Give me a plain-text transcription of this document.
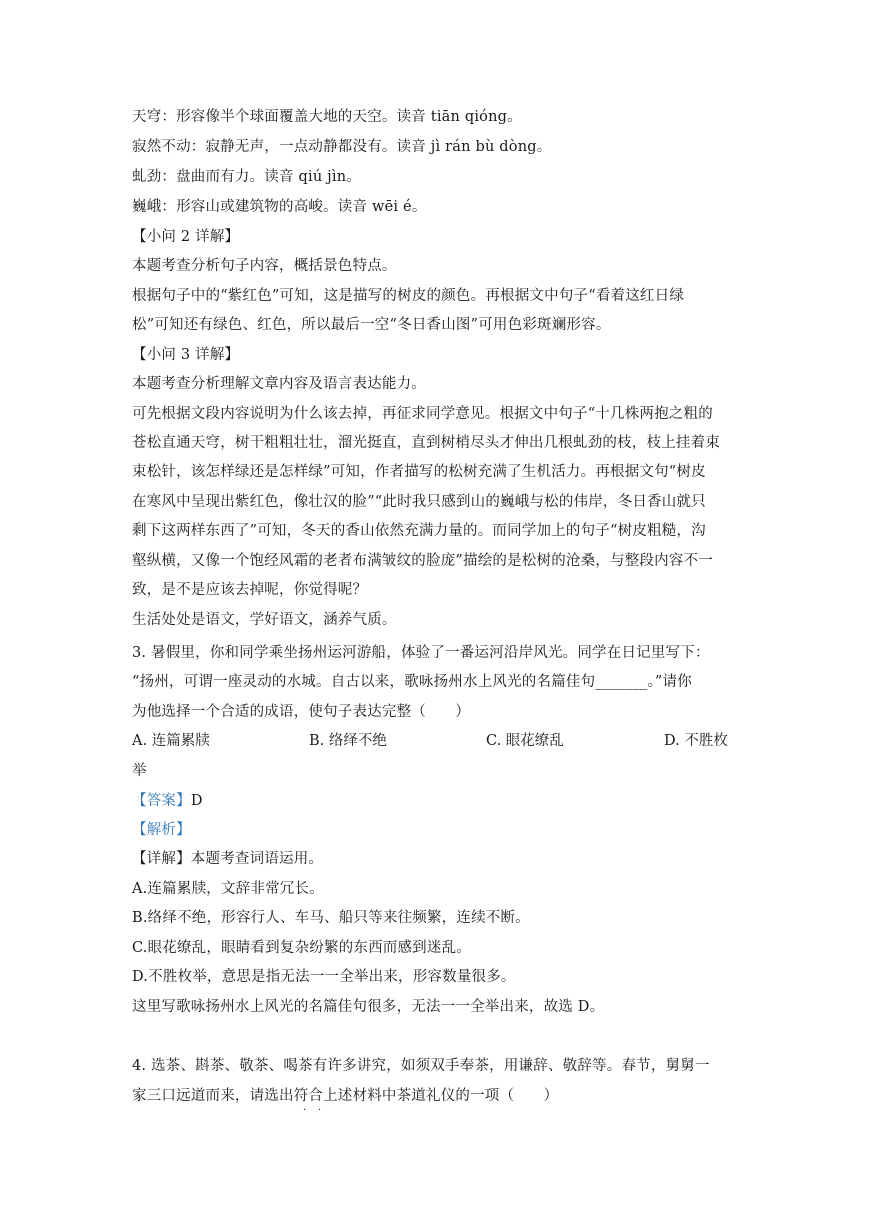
天穹：形容像半个球面覆盖大地的天空。读音 tiān qióng。
寂然不动：寂静无声，一点动静都没有。读音 jì rán bù dòng。
虬劲：盘曲而有力。读音 qiú jìn。
巍峨：形容山或建筑物的高峻。读音 wēi é。
【小问 2 详解】
本题考查分析句子内容，概括景色特点。
根据句子中的“紫红色”可知，这是描写的树皮的颜色。再根据文中句子“看着这红日绿
松”可知还有绿色、红色，所以最后一空“冬日香山图”可用色彩斑斓形容。
【小问 3 详解】
本题考查分析理解文章内容及语言表达能力。
可先根据文段内容说明为什么该去掉，再征求同学意见。根据文中句子“十几株两抱之粗的
苍松直通天穹，树干粗粗壮壮，溜光挺直，直到树梢尽头才伸出几根虬劲的枝，枝上挂着束
束松针，该怎样绿还是怎样绿”可知，作者描写的松树充满了生机活力。再根据文句“树皮
在寒风中呈现出紫红色，像壮汉的脸”“此时我只感到山的巍峨与松的伟岸，冬日香山就只
剩下这两样东西了”可知，冬天的香山依然充满力量的。而同学加上的句子“树皮粗糙，沟
壑纵横，又像一个饱经风霜的老者布满皱纹的脸庞”描绘的是松树的沧桑，与整段内容不一
致，是不是应该去掉呢，你觉得呢？
生活处处是语文，学好语文，涵养气质。
3. 暑假里，你和同学乘坐扬州运河游船，体验了一番运河沿岸风光。同学在日记里写下：
“扬州，可谓一座灵动的水城。自古以来，歌咏扬州水上风光的名篇佳句_______。”请你
为他选择一个合适的成语，使句子表达完整（　　）
A. 连篇累牍	B. 络绎不绝	C. 眼花缭乱	D. 不胜枚
举
【答案】D
【解析】
【详解】本题考查词语运用。
A.连篇累牍，文辞非常冗长。
B.络绎不绝，形容行人、车马、船只等来往频繁，连续不断。
C.眼花缭乱，眼睛看到复杂纷繁的东西而感到迷乱。
D.不胜枚举，意思是指无法一一全举出来，形容数量很多。
这里写歌咏扬州水上风光的名篇佳句很多，无法一一全举出来，故选 D。
4. 选茶、斟茶、敬茶、喝茶有许多讲究，如须双手奉茶，用谦辞、敬辞等。春节，舅舅一
家三口远道而来，请选出符合上述材料中茶道礼仪的一项（　　）
· ·
